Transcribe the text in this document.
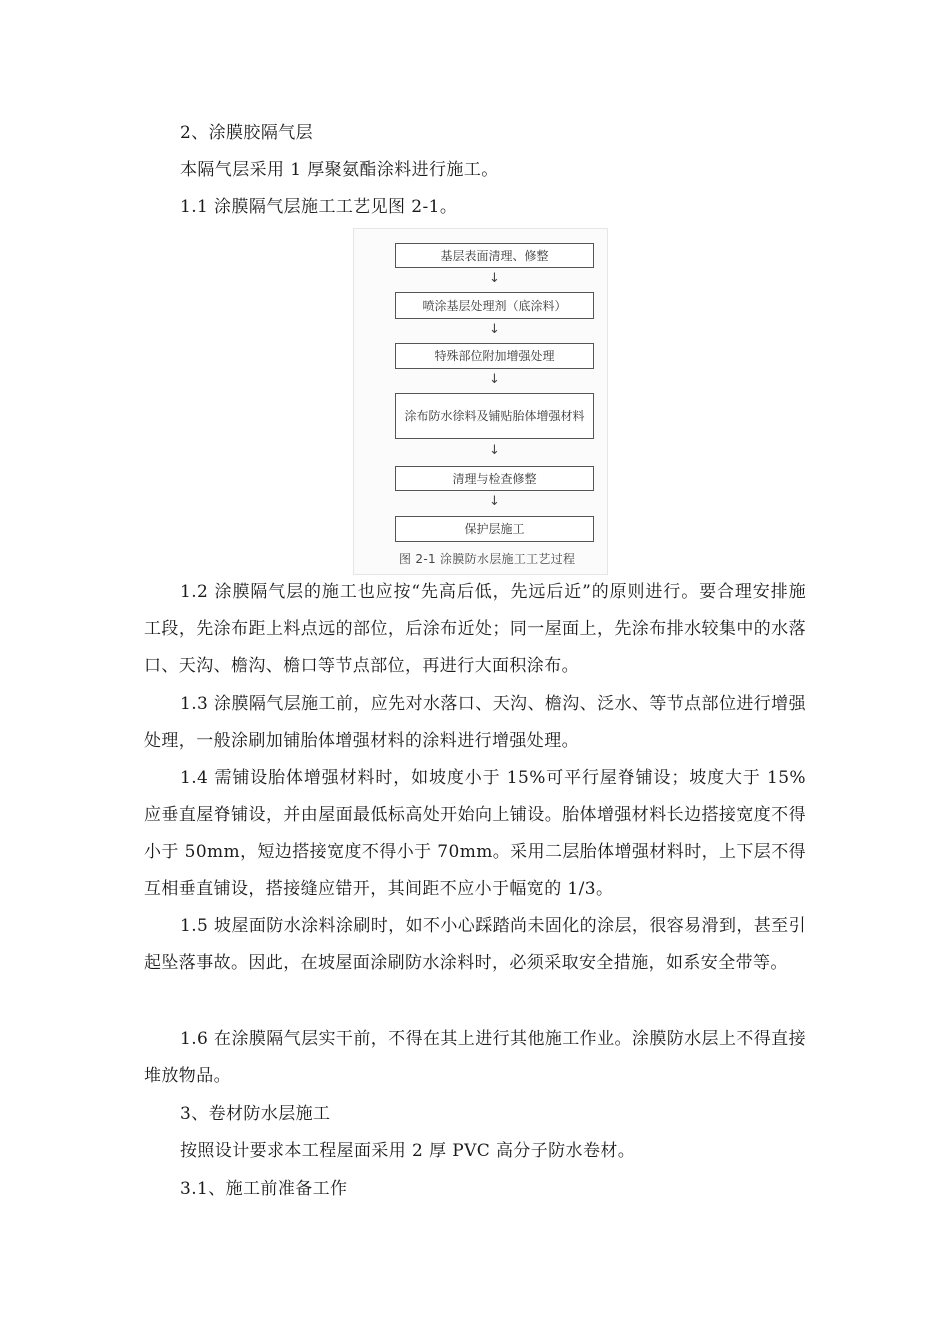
2、涂膜胶隔气层
本隔气层采用 1 厚聚氨酯涂料进行施工。
1.1 涂膜隔气层施工工艺见图 2-1。
基层表面清理、修整
↓
喷涂基层处理剂（底涂料）
↓
特殊部位附加增强处理
↓
涂布防水徐料及铺贴胎体增强材料
↓
清理与检查修整
↓
保护层施工
图 2-1 涂膜防水层施工工艺过程
1.2 涂膜隔气层的施工也应按“先高后低，先远后近”的原则进行。要合理安排施工段，先涂布距上料点远的部位，后涂布近处；同一屋面上，先涂布排水较集中的水落口、天沟、檐沟、檐口等节点部位，再进行大面积涂布。
1.3 涂膜隔气层施工前，应先对水落口、天沟、檐沟、泛水、等节点部位进行增强处理，一般涂刷加铺胎体增强材料的涂料进行增强处理。
1.4 需铺设胎体增强材料时，如坡度小于 15%可平行屋脊铺设；坡度大于 15%应垂直屋脊铺设，并由屋面最低标高处开始向上铺设。胎体增强材料长边搭接宽度不得小于 50mm，短边搭接宽度不得小于 70mm。采用二层胎体增强材料时，上下层不得互相垂直铺设，搭接缝应错开，其间距不应小于幅宽的 1/3。
1.5 坡屋面防水涂料涂刷时，如不小心踩踏尚未固化的涂层，很容易滑到，甚至引起坠落事故。因此，在坡屋面涂刷防水涂料时，必须采取安全措施，如系安全带等。
1.6 在涂膜隔气层实干前，不得在其上进行其他施工作业。涂膜防水层上不得直接堆放物品。
3、卷材防水层施工
按照设计要求本工程屋面采用 2 厚 PVC 高分子防水卷材。
3.1、施工前准备工作
